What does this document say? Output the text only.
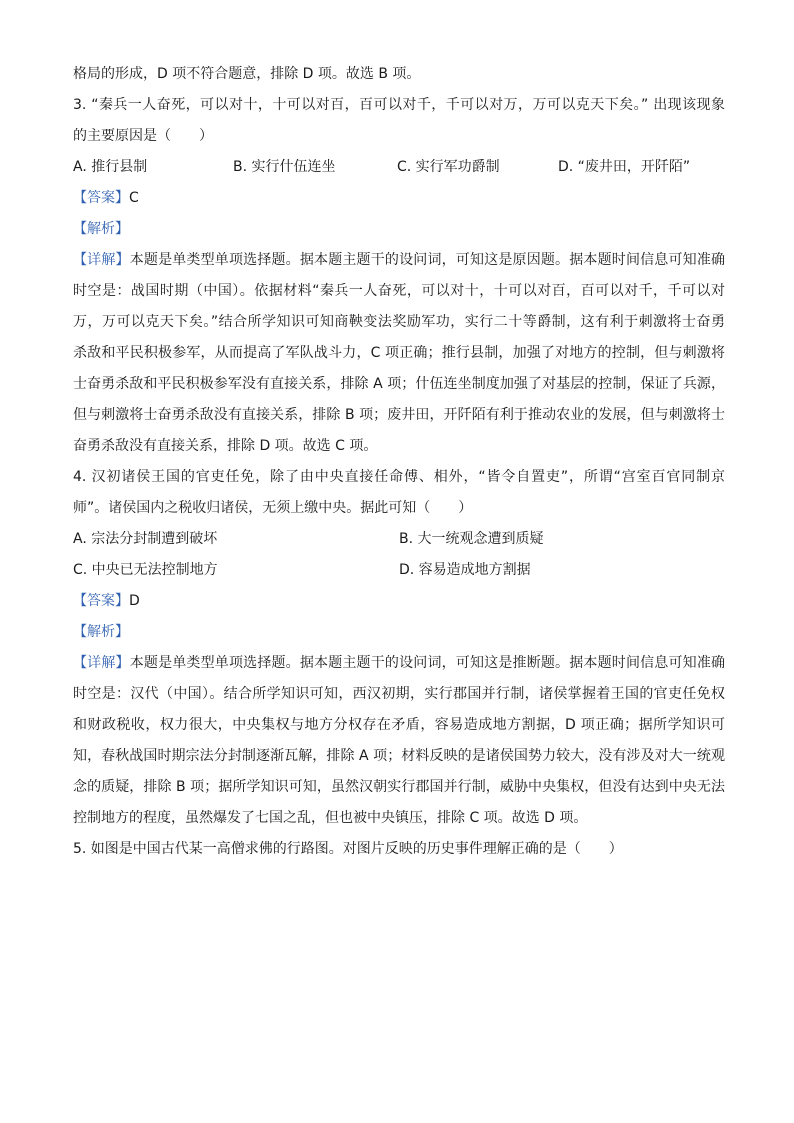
格局的形成，D 项不符合题意，排除 D 项。故选 B 项。
3. “秦兵一人奋死，可以对十，十可以对百，百可以对千，千可以对万，万可以克天下矣。” 出现该现象
的主要原因是（　　）
A. 推行县制	B. 实行什伍连坐	C. 实行军功爵制	D. “废井田，开阡陌”
【答案】C
【解析】
【详解】本题是单类型单项选择题。据本题主题干的设问词，可知这是原因题。据本题时间信息可知准确
时空是：战国时期（中国）。依据材料“秦兵一人奋死，可以对十，十可以对百，百可以对千，千可以对
万，万可以克天下矣。”结合所学知识可知商鞅变法奖励军功，实行二十等爵制，这有利于刺激将士奋勇
杀敌和平民积极参军，从而提高了军队战斗力，C 项正确；推行县制，加强了对地方的控制，但与刺激将
士奋勇杀敌和平民积极参军没有直接关系，排除 A 项；什伍连坐制度加强了对基层的控制，保证了兵源，
但与刺激将士奋勇杀敌没有直接关系，排除 B 项；废井田，开阡陌有利于推动农业的发展，但与刺激将士
奋勇杀敌没有直接关系，排除 D 项。故选 C 项。
4. 汉初诸侯王国的官吏任免，除了由中央直接任命傅、相外，“皆令自置吏”，所谓“宫室百官同制京
师”。诸侯国内之税收归诸侯，无须上缴中央。据此可知（　　）
A. 宗法分封制遭到破坏	B. 大一统观念遭到质疑
C. 中央已无法控制地方	D. 容易造成地方割据
【答案】D
【解析】
【详解】本题是单类型单项选择题。据本题主题干的设问词，可知这是推断题。据本题时间信息可知准确
时空是：汉代（中国）。结合所学知识可知，西汉初期，实行郡国并行制，诸侯掌握着王国的官吏任免权
和财政税收，权力很大，中央集权与地方分权存在矛盾，容易造成地方割据，D 项正确；据所学知识可
知，春秋战国时期宗法分封制逐渐瓦解，排除 A 项；材料反映的是诸侯国势力较大，没有涉及对大一统观
念的质疑，排除 B 项；据所学知识可知，虽然汉朝实行郡国并行制，威胁中央集权，但没有达到中央无法
控制地方的程度，虽然爆发了七国之乱，但也被中央镇压，排除 C 项。故选 D 项。
5. 如图是中国古代某一高僧求佛的行路图。对图片反映的历史事件理解正确的是（　　）
